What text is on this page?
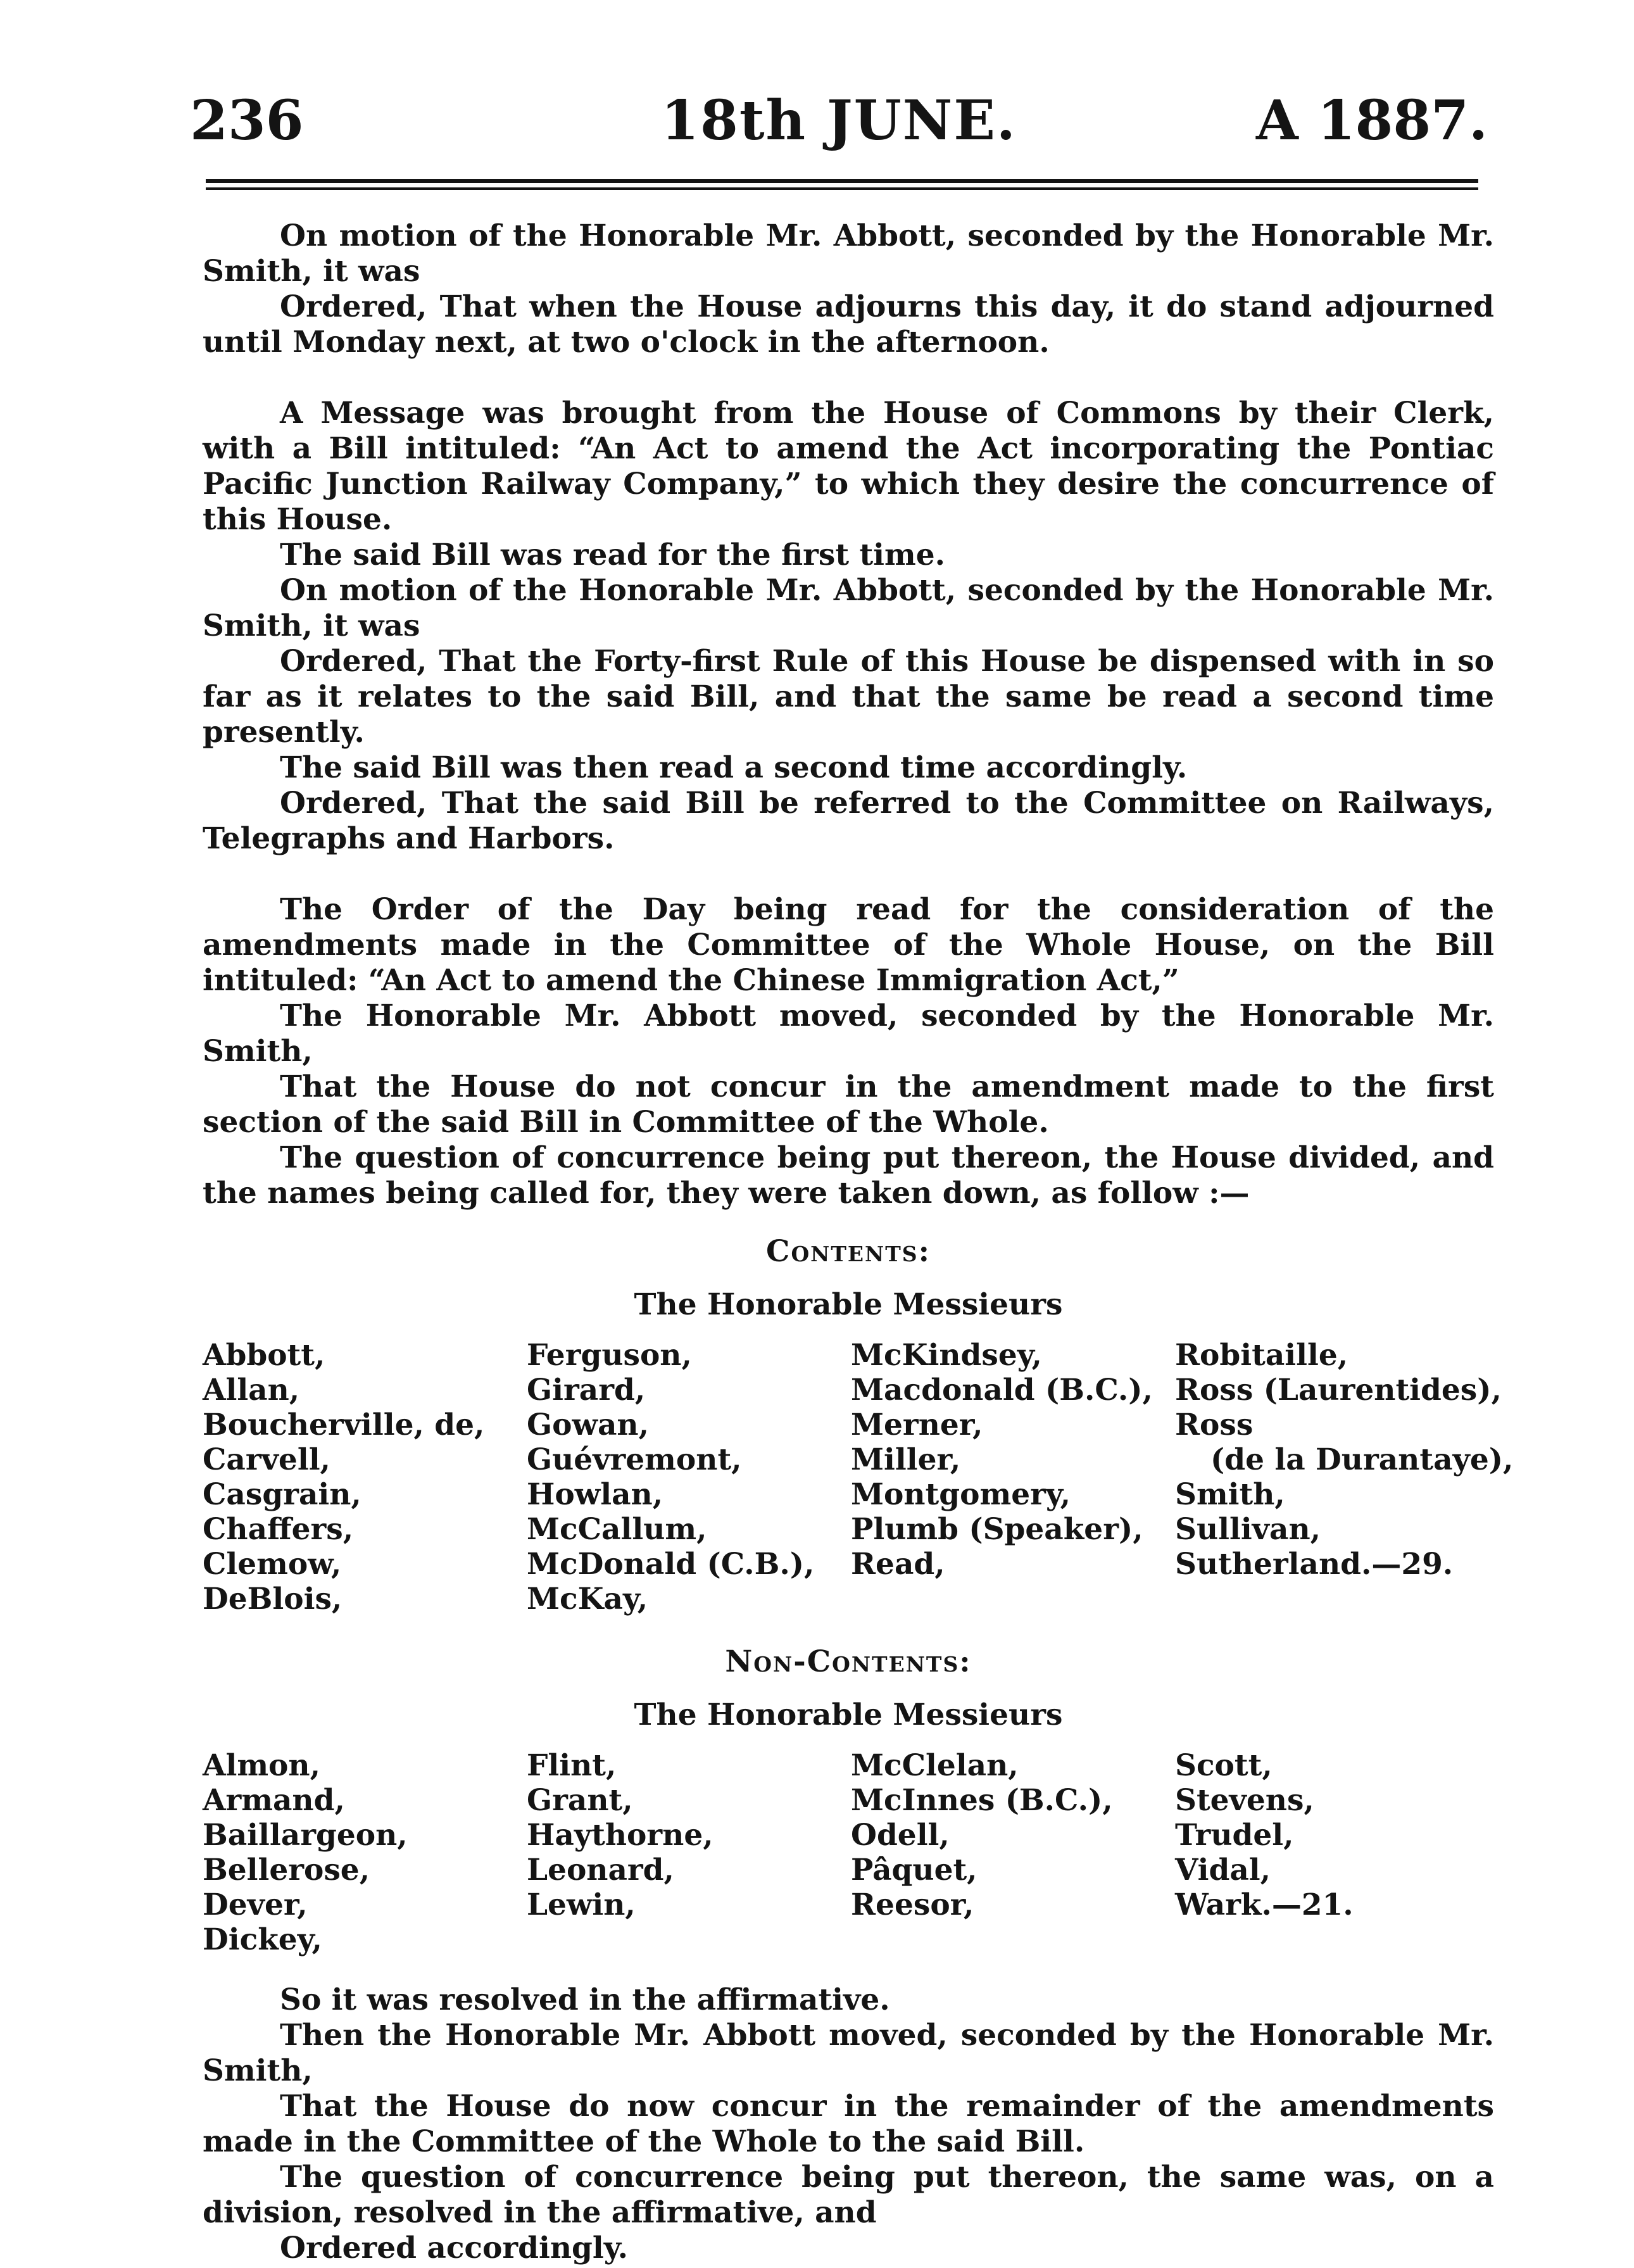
236	18th JUNE.	A 1887.

On motion of the Honorable Mr. Abbott, seconded by the Honorable Mr. Smith, it was

Ordered, That when the House adjourns this day, it do stand adjourned until Monday next, at two o'clock in the afternoon.

A Message was brought from the House of Commons by their Clerk, with a Bill intituled: “An Act to amend the Act incorporating the Pontiac Pacific Junction Railway Company,” to which they desire the concurrence of this House.

The said Bill was read for the first time.

On motion of the Honorable Mr. Abbott, seconded by the Honorable Mr. Smith, it was

Ordered, That the Forty-first Rule of this House be dispensed with in so far as it relates to the said Bill, and that the same be read a second time presently.

The said Bill was then read a second time accordingly.

Ordered, That the said Bill be referred to the Committee on Railways, Telegraphs and Harbors.

The Order of the Day being read for the consideration of the amendments made in the Committee of the Whole House, on the Bill intituled: “An Act to amend the Chinese Immigration Act,”

The Honorable Mr. Abbott moved, seconded by the Honorable Mr. Smith,

That the House do not concur in the amendment made to the first section of the said Bill in Committee of the Whole.

The question of concurrence being put thereon, the House divided, and the names being called for, they were taken down, as follow :—

Contents:

The Honorable Messieurs

Abbott,
Allan,
Boucherville, de,
Carvell,
Casgrain,
Chaffers,
Clemow,
DeBlois,
Ferguson,
Girard,
Gowan,
Guévremont,
Howlan,
McCallum,
McDonald (C.B.),
McKay,
McKindsey,
Macdonald (B.C.),
Merner,
Miller,
Montgomery,
Plumb (Speaker),
Read,
Robitaille,
Ross (Laurentides),
Ross
(de la Durantaye),
Smith,
Sullivan,
Sutherland.—29.

Non-Contents:

The Honorable Messieurs

Almon,
Armand,
Baillargeon,
Bellerose,
Dever,
Dickey,
Flint,
Grant,
Haythorne,
Leonard,
Lewin,
McClelan,
McInnes (B.C.),
Odell,
Pâquet,
Reesor,
Scott,
Stevens,
Trudel,
Vidal,
Wark.—21.

So it was resolved in the affirmative.

Then the Honorable Mr. Abbott moved, seconded by the Honorable Mr. Smith,

That the House do now concur in the remainder of the amendments made in the Committee of the Whole to the said Bill.

The question of concurrence being put thereon, the same was, on a division, resolved in the affirmative, and

Ordered accordingly.
